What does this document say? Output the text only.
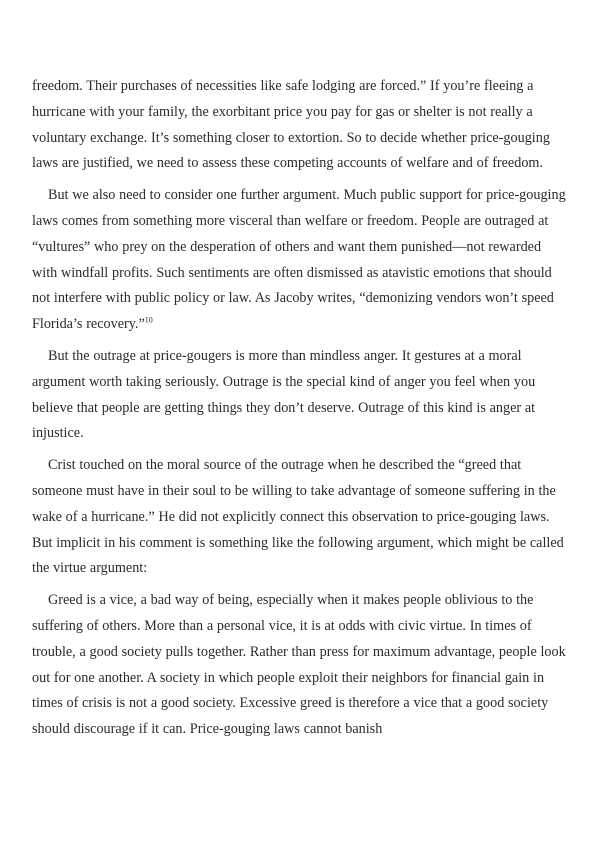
freedom. Their purchases of necessities like safe lodging are forced.” If you’re fleeing a hurricane with your family, the exorbitant price you pay for gas or shelter is not really a voluntary exchange. It’s something closer to extortion. So to decide whether price-gouging laws are justified, we need to assess these competing accounts of welfare and of freedom.

But we also need to consider one further argument. Much public support for price-gouging laws comes from something more visceral than welfare or freedom. People are outraged at “vultures” who prey on the desperation of others and want them punished—not rewarded with windfall profits. Such sentiments are often dismissed as atavistic emotions that should not interfere with public policy or law. As Jacoby writes, “demonizing vendors won’t speed Florida’s recovery.”$^{10}$

But the outrage at price-gougers is more than mindless anger. It gestures at a moral argument worth taking seriously. Outrage is the special kind of anger you feel when you believe that people are getting things they don’t deserve. Outrage of this kind is anger at injustice.

Crist touched on the moral source of the outrage when he described the “greed that someone must have in their soul to be willing to take advantage of someone suffering in the wake of a hurricane.” He did not explicitly connect this observation to price-gouging laws. But implicit in his comment is something like the following argument, which might be called the virtue argument:

Greed is a vice, a bad way of being, especially when it makes people oblivious to the suffering of others. More than a personal vice, it is at odds with civic virtue. In times of trouble, a good society pulls together. Rather than press for maximum advantage, people look out for one another. A society in which people exploit their neighbors for financial gain in times of crisis is not a good society. Excessive greed is therefore a vice that a good society should discourage if it can. Price-gouging laws cannot banish
